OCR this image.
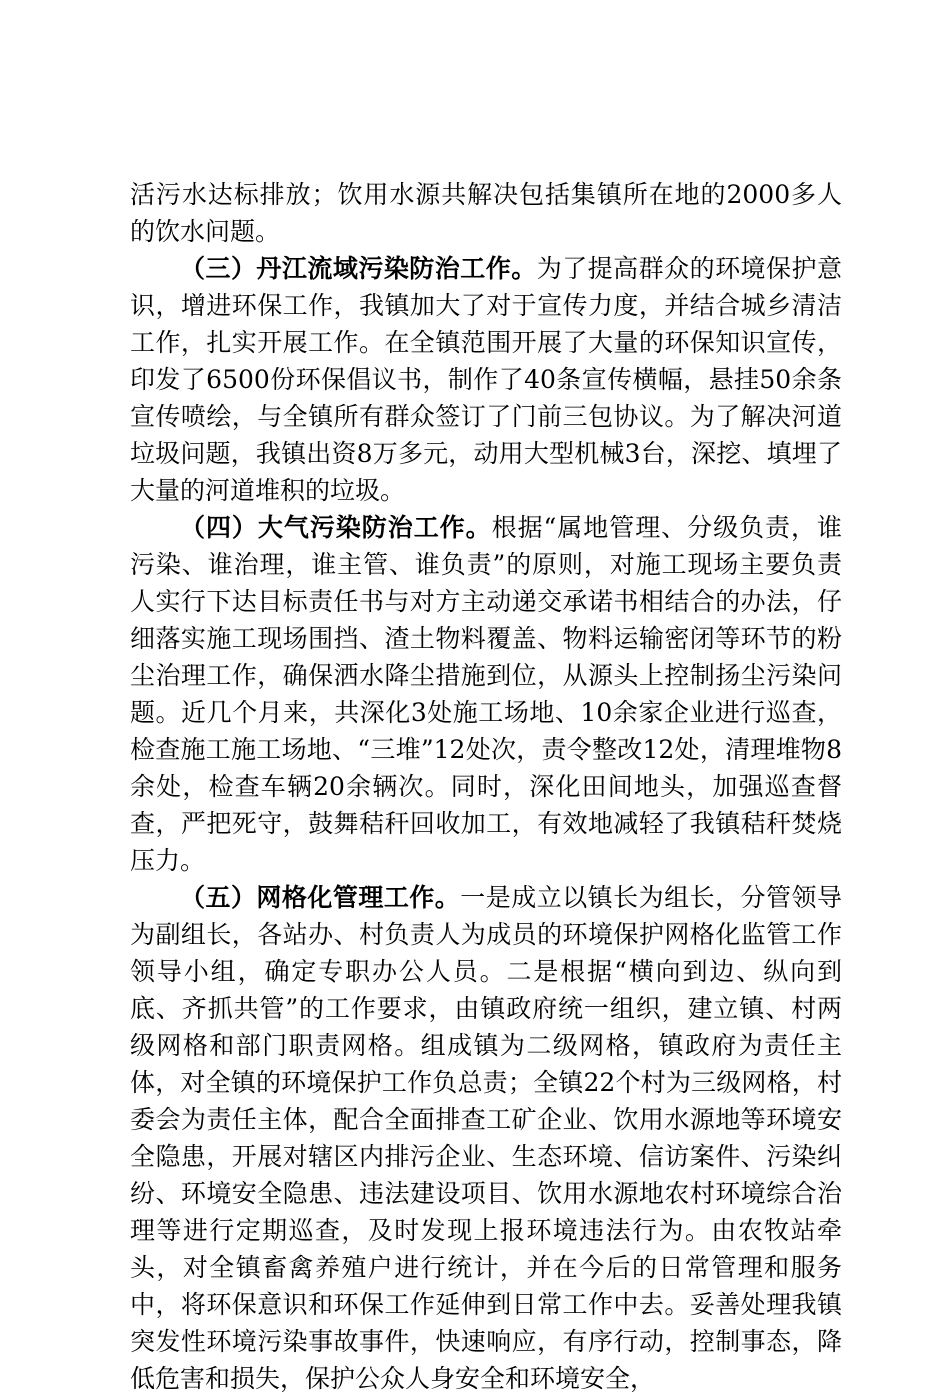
活污水达标排放；饮用水源共解决包括集镇所在地的2000多人的饮水问题。

（三）丹江流域污染防治工作。为了提高群众的环境保护意识，增进环保工作，我镇加大了对于宣传力度，并结合城乡清洁工作，扎实开展工作。在全镇范围开展了大量的环保知识宣传，印发了6500份环保倡议书，制作了40条宣传横幅，悬挂50余条宣传喷绘，与全镇所有群众签订了门前三包协议。为了解决河道垃圾问题，我镇出资8万多元，动用大型机械3台，深挖、填埋了大量的河道堆积的垃圾。

（四）大气污染防治工作。根据“属地管理、分级负责，谁污染、谁治理，谁主管、谁负责”的原则，对施工现场主要负责人实行下达目标责任书与对方主动递交承诺书相结合的办法，仔细落实施工现场围挡、渣土物料覆盖、物料运输密闭等环节的粉尘治理工作，确保洒水降尘措施到位，从源头上控制扬尘污染问题。近几个月来，共深化3处施工场地、10余家企业进行巡查，检查施工施工场地、“三堆”12处次，责令整改12处，清理堆物8余处，检查车辆20余辆次。同时，深化田间地头，加强巡查督查，严把死守，鼓舞秸秆回收加工，有效地减轻了我镇秸秆焚烧压力。

（五）网格化管理工作。一是成立以镇长为组长，分管领导为副组长，各站办、村负责人为成员的环境保护网格化监管工作领导小组，确定专职办公人员。二是根据“横向到边、纵向到底、齐抓共管”的工作要求，由镇政府统一组织，建立镇、村两级网格和部门职责网格。组成镇为二级网格，镇政府为责任主体，对全镇的环境保护工作负总责；全镇22个村为三级网格，村委会为责任主体，配合全面排查工矿企业、饮用水源地等环境安全隐患，开展对辖区内排污企业、生态环境、信访案件、污染纠纷、环境安全隐患、违法建设项目、饮用水源地农村环境综合治理等进行定期巡查，及时发现上报环境违法行为。由农牧站牵头，对全镇畜禽养殖户进行统计，并在今后的日常管理和服务中，将环保意识和环保工作延伸到日常工作中去。妥善处理我镇突发性环境污染事故事件，快速响应，有序行动，控制事态，降低危害和损失，保护公众人身安全和环境安全，
